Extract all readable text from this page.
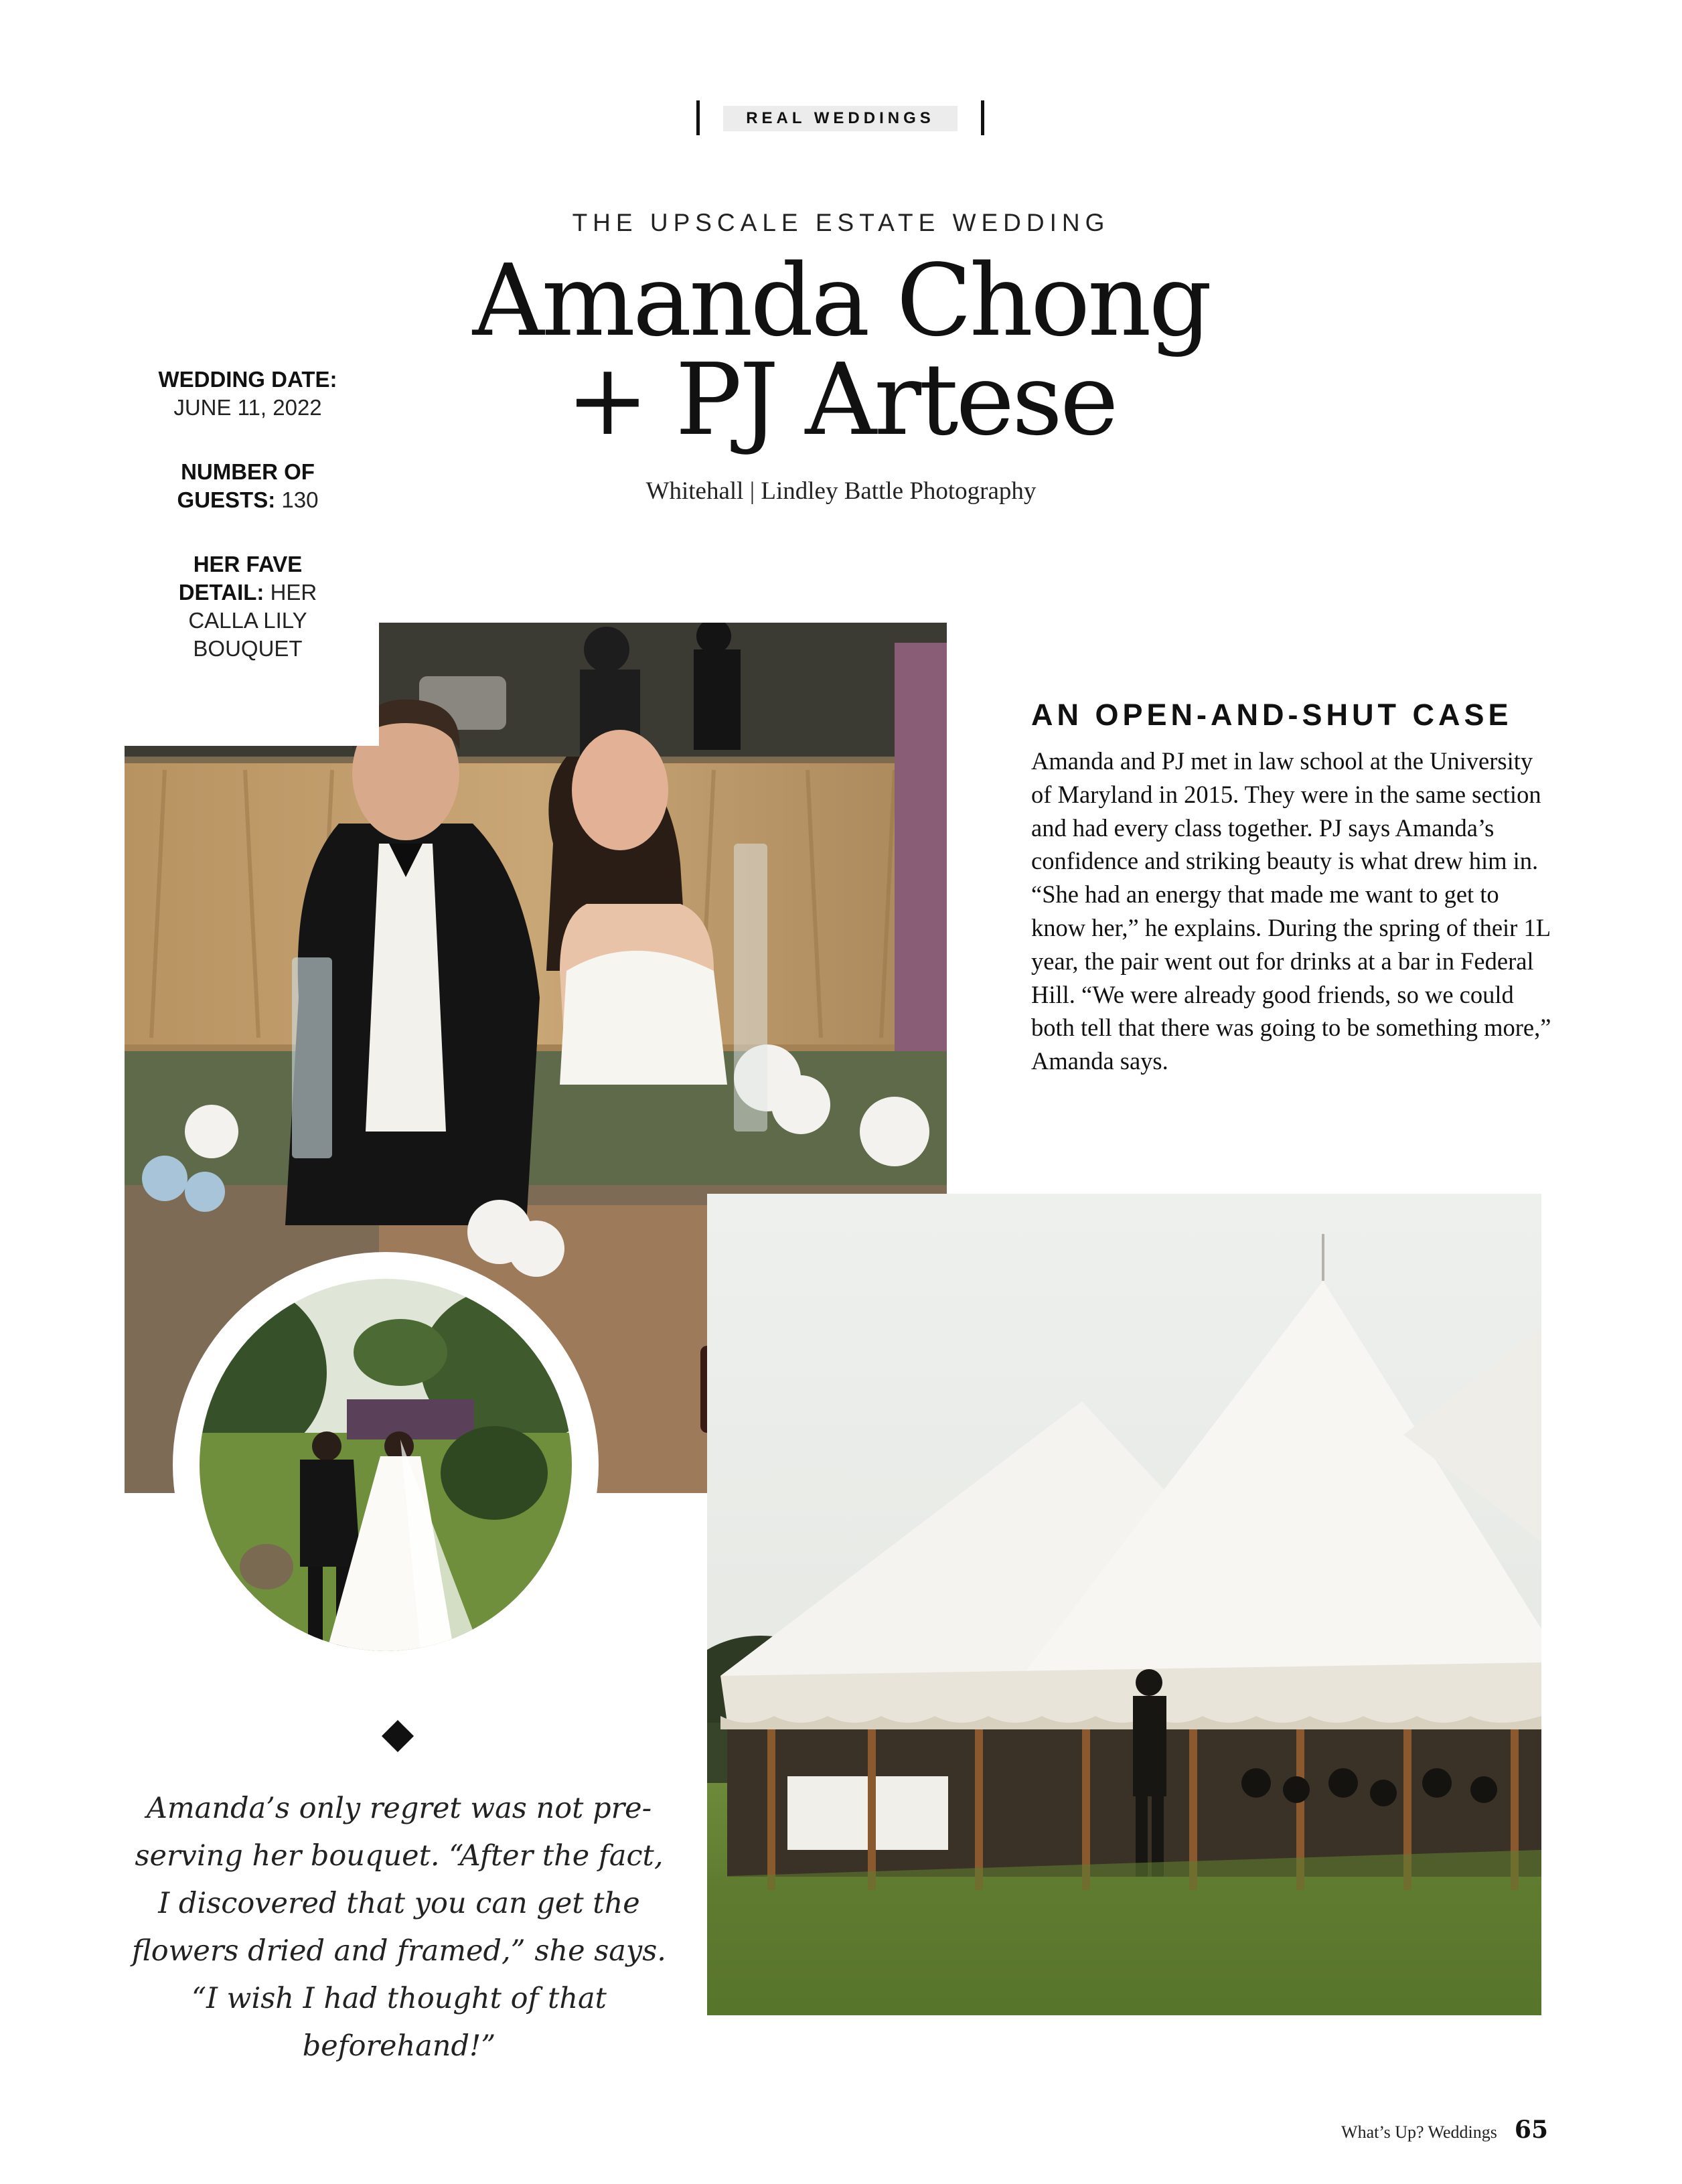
REAL WEDDINGS
THE UPSCALE ESTATE WEDDING
Amanda Chong
+ PJ Artese
Whitehall | Lindley Battle Photography
WEDDING DATE: JUNE 11, 2022
NUMBER OF GUESTS: 130
HER FAVE DETAIL: HER CALLA LILY BOUQUET
AN OPEN-AND-SHUT CASE
Amanda and PJ met in law school at the University of Maryland in 2015. They were in the same section and had every class together. PJ says Amanda’s confidence and striking beauty is what drew him in. “She had an energy that made me want to get to know her,” he explains. During the spring of their 1L year, the pair went out for drinks at a bar in Federal Hill. “We were already good friends, so we could both tell that there was going to be something more,” Amanda says.
Amanda’s only regret was not pre-serving her bouquet. “After the fact, I discovered that you can get the flowers dried and framed,” she says. “I wish I had thought of that beforehand!”
What’s Up? Weddings 65
